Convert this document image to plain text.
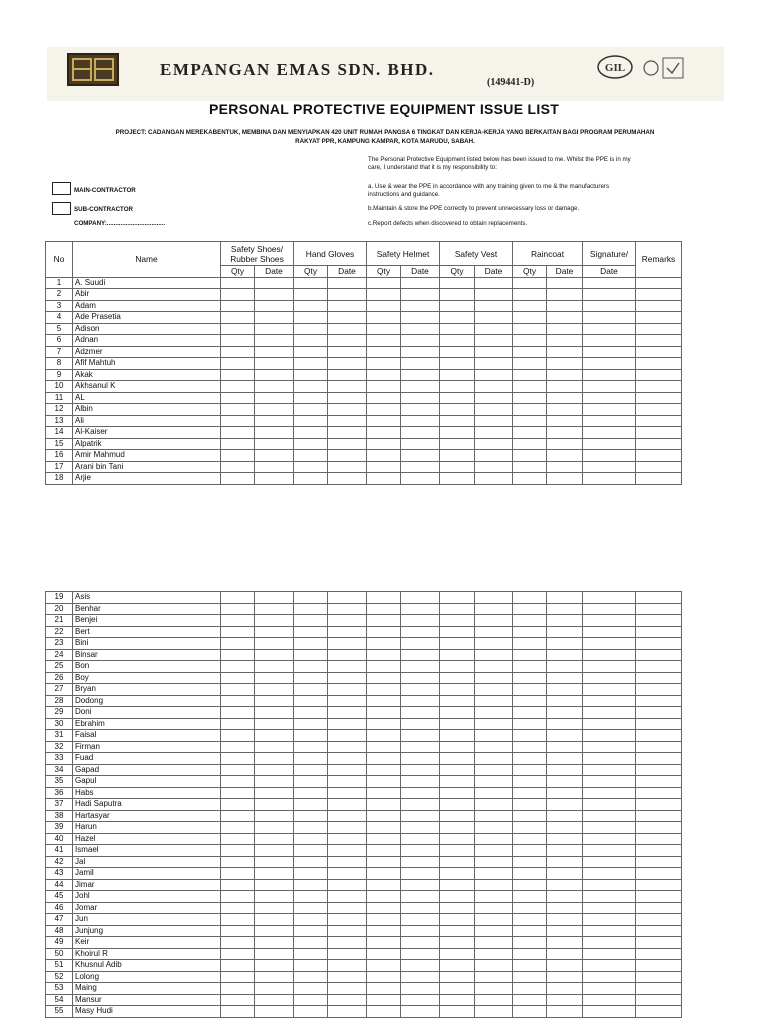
EMPANGAN EMAS SDN. BHD.
(149441-D)
GIL
PERSONAL PROTECTIVE EQUIPMENT ISSUE LIST
PROJECT: CADANGAN MEREKABENTUK, MEMBINA DAN MENYIAPKAN 420 UNIT RUMAH PANGSA 6 TINGKAT DAN KERJA-KERJA YANG BERKAITAN BAGI PROGRAM PERUMAHAN
RAKYAT PPR, KAMPUNG KAMPAR, KOTA MARUDU, SABAH.
The Personal Protective Equipment listed below has been issued to me. Whilst the PPE is in my
care, I understand that it is my responsibility to:
a. Use & wear the PPE in accordance with any training given to me & the manufacturers
instructions and guidance.
b.Maintain & store the PPE correctly to prevent unnecessary loss or damage.
c.Report defects when discovered to obtain replacements.
MAIN-CONTRACTOR
SUB-CONTRACTOR
COMPANY:..................................
No	Name	Safety Shoes/
Rubber Shoes		Hand Gloves		Safety Helmet		Safety Vest		Raincoat		Signature/	Remarks
		Qty	Date	Qty	Date	Qty	Date	Qty	Date	Qty	Date	Date	
1	A. Suudi												
2	Abir												
3	Adam												
4	Ade Prasetia												
5	Adison												
6	Adnan												
7	Adzmer												
8	Afif Mahtuh												
9	Akak												
10	Akhsanul K												
11	AL												
12	Albin												
13	Ali												
14	Al-Kaiser												
15	Alpatrik												
16	Amir Mahmud												
17	Arani bin Tani												
18	Arjie												
19	Asis												
20	Benhar												
21	Benjei												
22	Bert												
23	Bini												
24	Binsar												
25	Bon												
26	Boy												
27	Bryan												
28	Dodong												
29	Doni												
30	Ebrahim												
31	Faisal												
32	Firman												
33	Fuad												
34	Gapad												
35	Gapul												
36	Habs												
37	Hadi Saputra												
38	Hartasyar												
39	Harun												
40	Hazel												
41	Ismael												
42	Jal												
43	Jamil												
44	Jimar												
45	Johl												
46	Jomar												
47	Jun												
48	Junjung												
49	Keir												
50	Khoirul R												
51	Khusnul Adib												
52	Lolong												
53	Maing												
54	Mansur												
55	Masy Hudi												
